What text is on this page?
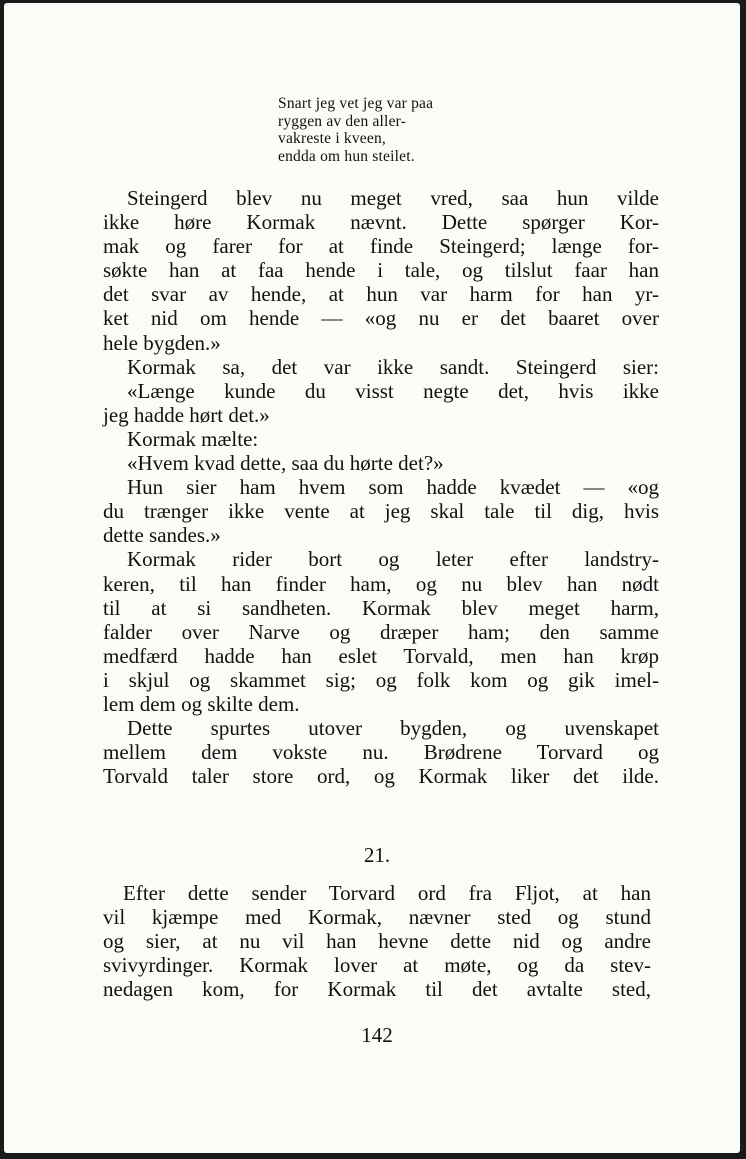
Snart jeg vet jeg var paa
ryggen av den aller-
vakreste i kveen,
endda om hun steilet.
Steingerd blev nu meget vred, saa hun vilde
ikke høre Kormak nævnt. Dette spørger Kor-
mak og farer for at finde Steingerd; længe for-
søkte han at faa hende i tale, og tilslut faar han
det svar av hende, at hun var harm for han yr-
ket nid om hende — «og nu er det baaret over
hele bygden.»
Kormak sa, det var ikke sandt. Steingerd sier:
«Længe kunde du visst negte det, hvis ikke
jeg hadde hørt det.»
Kormak mælte:
«Hvem kvad dette, saa du hørte det?»
Hun sier ham hvem som hadde kvædet — «og
du trænger ikke vente at jeg skal tale til dig, hvis
dette sandes.»
Kormak rider bort og leter efter landstry-
keren, til han finder ham, og nu blev han nødt
til at si sandheten. Kormak blev meget harm,
falder over Narve og dræper ham; den samme
medfærd hadde han eslet Torvald, men han krøp
i skjul og skammet sig; og folk kom og gik imel-
lem dem og skilte dem.
Dette spurtes utover bygden, og uvenskapet
mellem dem vokste nu. Brødrene Torvard og
Torvald taler store ord, og Kormak liker det ilde.
21.
Efter dette sender Torvard ord fra Fljot, at han
vil kjæmpe med Kormak, nævner sted og stund
og sier, at nu vil han hevne dette nid og andre
svivyrdinger. Kormak lover at møte, og da stev-
nedagen kom, for Kormak til det avtalte sted,
142
